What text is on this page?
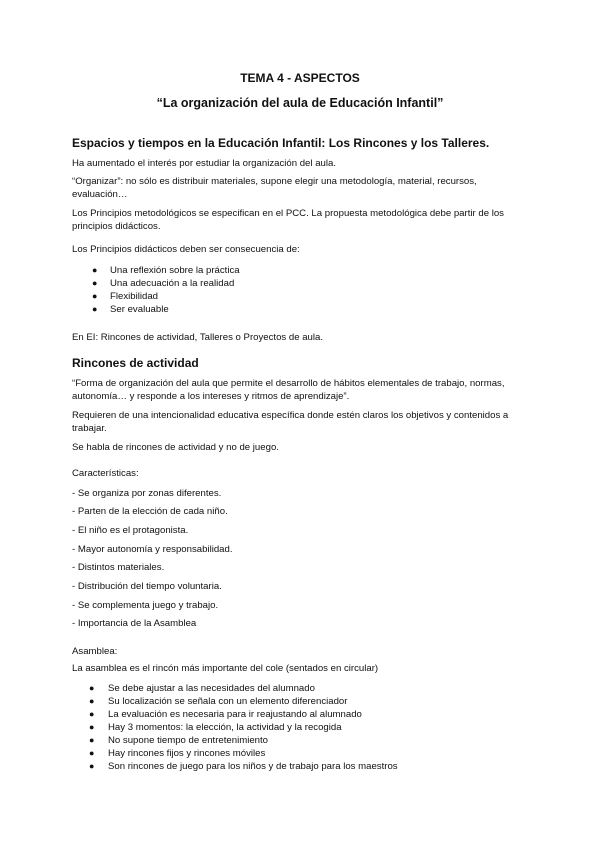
TEMA 4 - ASPECTOS
“La organización del aula de Educación Infantil”
Espacios y tiempos en la Educación Infantil: Los Rincones y los Talleres.
Ha aumentado el interés por estudiar la organización del aula.
“Organizar”: no sólo es distribuir materiales, supone elegir una metodología, material, recursos, evaluación…
Los Principios metodológicos se especifican en el PCC. La propuesta metodológica debe partir de los principios didácticos.
Los Principios didácticos deben ser consecuencia de:
● Una reflexión sobre la práctica
● Una adecuación a la realidad
● Flexibilidad
● Ser evaluable
En EI: Rincones de actividad, Talleres o Proyectos de aula.
Rincones de actividad
“Forma de organización del aula que permite el desarrollo de hábitos elementales de trabajo, normas, autonomía… y responde a los intereses y ritmos de aprendizaje”.
Requieren de una intencionalidad educativa específica donde estén claros los objetivos y contenidos a trabajar.
Se habla de rincones de actividad y no de juego.
Características:
- Se organiza por zonas diferentes.
- Parten de la elección de cada niño.
- El niño es el protagonista.
- Mayor autonomía y responsabilidad.
- Distintos materiales.
- Distribución del tiempo voluntaria.
- Se complementa juego y trabajo.
- Importancia de la Asamblea
Asamblea:
La asamblea es el rincón más importante del cole (sentados en circular)
● Se debe ajustar a las necesidades del alumnado
● Su localización se señala con un elemento diferenciador
● La evaluación es necesaria para ir reajustando al alumnado
● Hay 3 momentos: la elección, la actividad y la recogida
● No supone tiempo de entretenimiento
● Hay rincones fijos y rincones móviles
● Son rincones de juego para los niños y de trabajo para los maestros
